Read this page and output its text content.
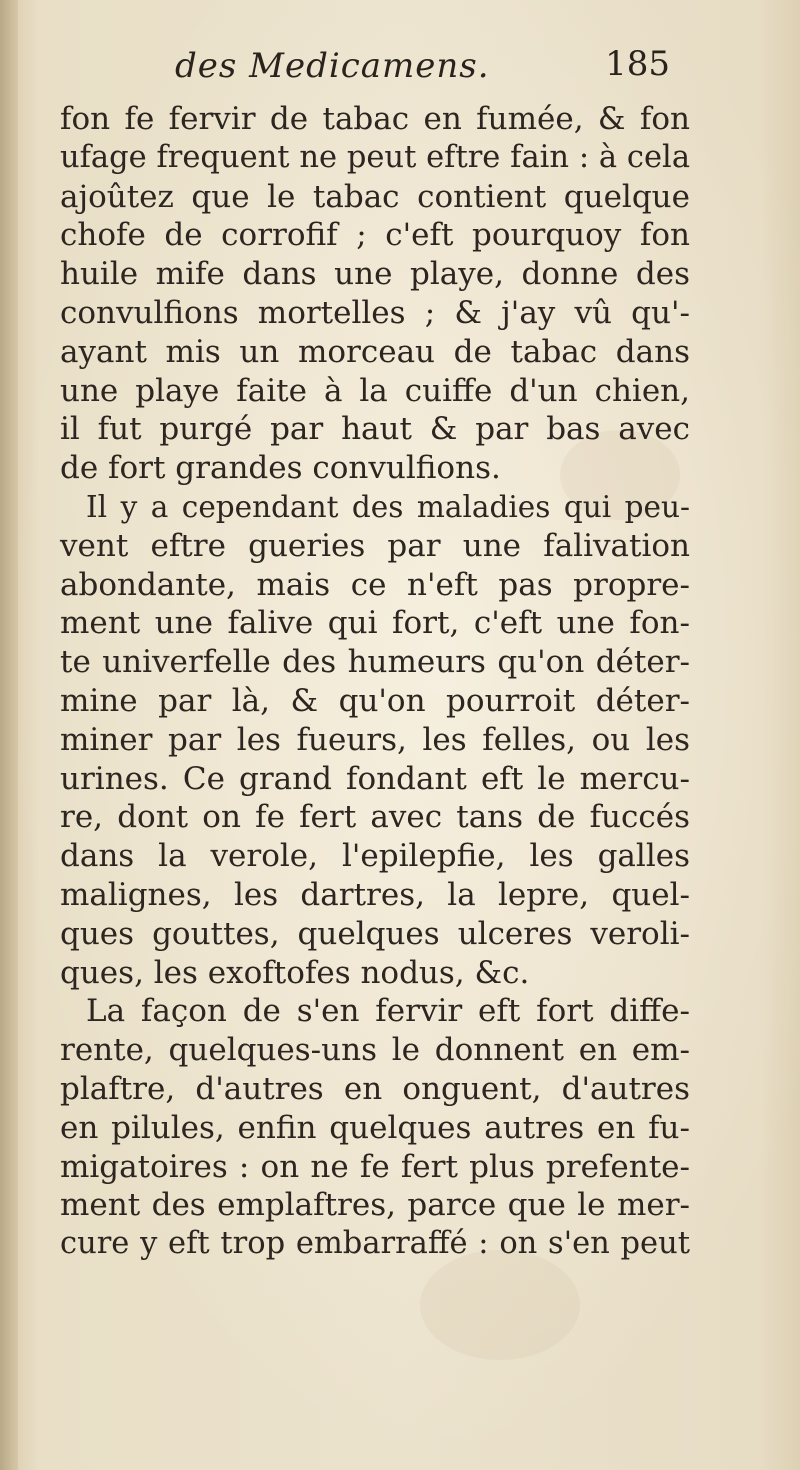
des Medicamens.	185
fon fe fervir de tabac en fumée, & fon
ufage frequent ne peut eftre fain : à cela
ajoûtez que le tabac contient quelque
chofe de corrofif ; c'eft pourquoy fon
huile mife dans une playe, donne des
convulfions mortelles ; & j'ay vû qu'-
ayant mis un morceau de tabac dans
une playe faite à la cuiffe d'un chien,
il fut purgé par haut & par bas avec
de fort grandes convulfions.
Il y a cependant des maladies qui peu-
vent eftre gueries par une falivation
abondante, mais ce n'eft pas propre-
ment une falive qui fort, c'eft une fon-
te univerfelle des humeurs qu'on déter-
mine par là, & qu'on pourroit déter-
miner par les fueurs, les felles, ou les
urines. Ce grand fondant eft le mercu-
re, dont on fe fert avec tans de fuccés
dans la verole, l'epilepfie, les galles
malignes, les dartres, la lepre, quel-
ques gouttes, quelques ulceres veroli-
ques, les exoftofes nodus, &c.
La façon de s'en fervir eft fort diffe-
rente, quelques-uns le donnent en em-
plaftre, d'autres en onguent, d'autres
en pilules, enfin quelques autres en fu-
migatoires : on ne fe fert plus prefente-
ment des emplaftres, parce que le mer-
cure y eft trop embarraffé : on s'en peut
